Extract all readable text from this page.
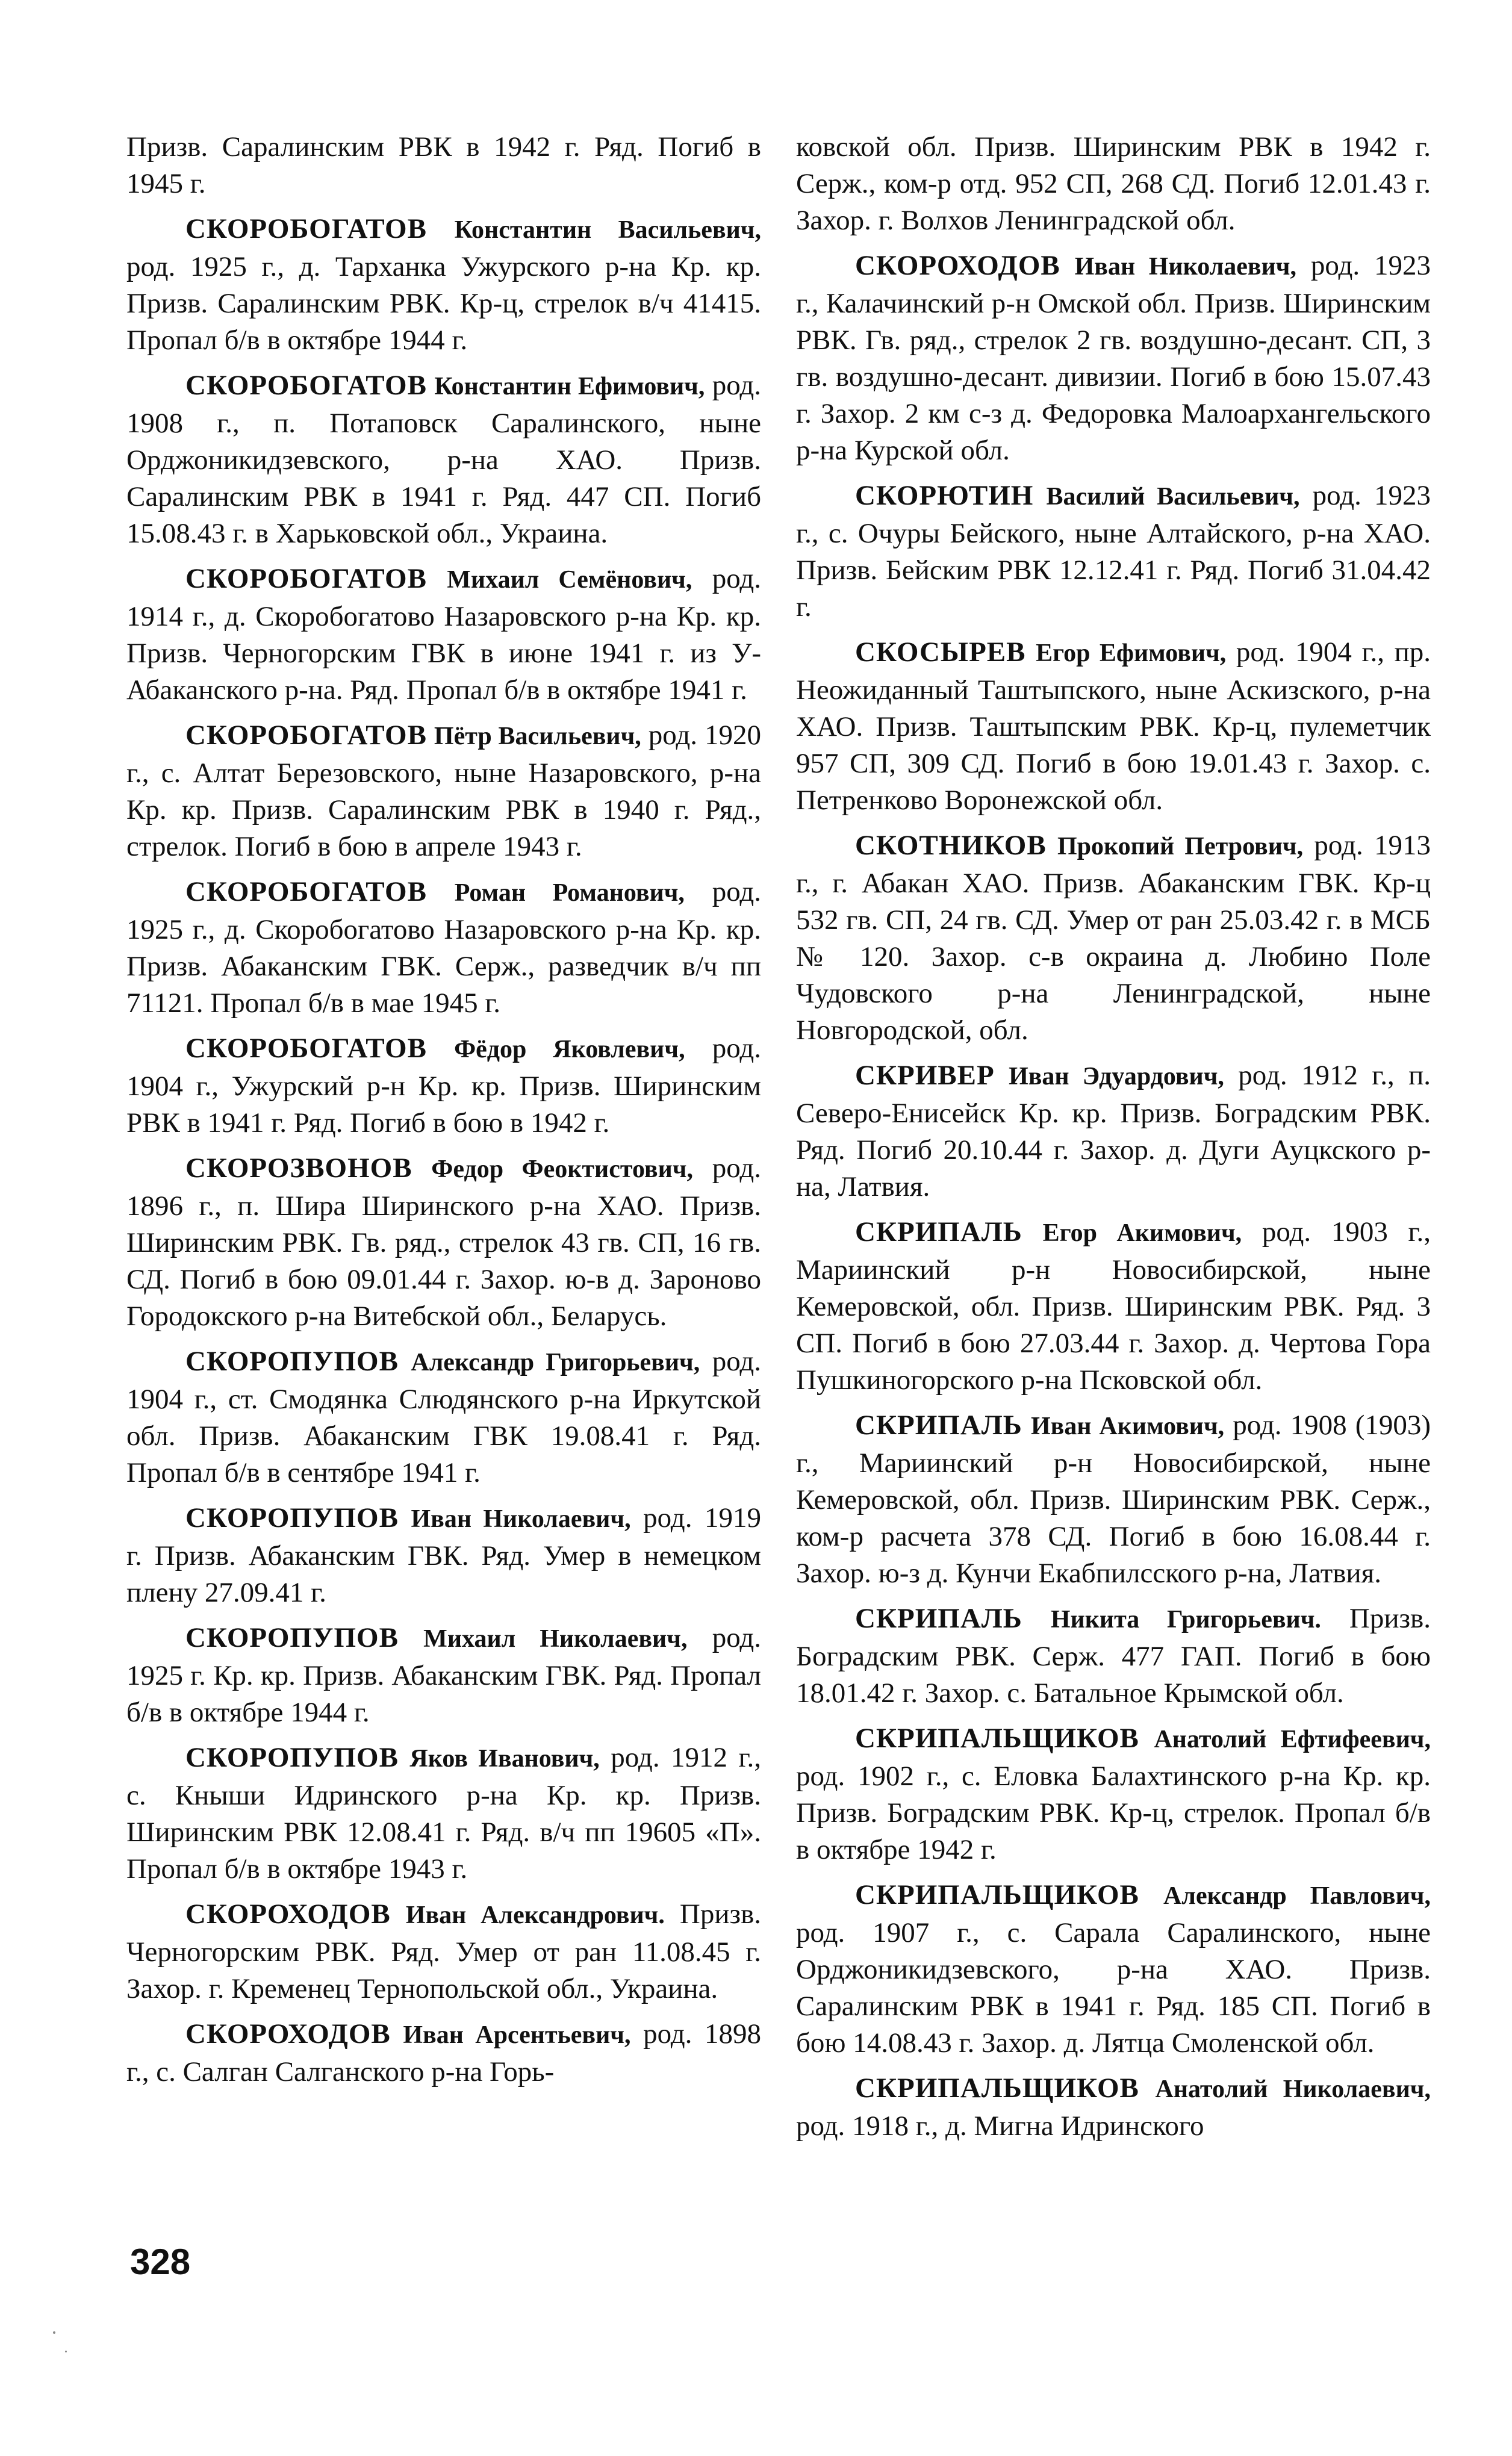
Призв. Саралинским РВК в 1942 г. Ряд. Погиб в 1945 г.

СКОРОБОГАТОВ Константин Васильевич, род. 1925 г., д. Тарханка Ужурского р-на Кр. кр. Призв. Саралинским РВК. Кр-ц, стрелок в/ч 41415. Пропал б/в в октябре 1944 г.

СКОРОБОГАТОВ Константин Ефимович, род. 1908 г., п. Потаповск Саралинского, ныне Орджоникидзевского, р-на ХАО. Призв. Саралинским РВК в 1941 г. Ряд. 447 СП. Погиб 15.08.43 г. в Харьковской обл., Украина.

СКОРОБОГАТОВ Михаил Семёнович, род. 1914 г., д. Скоробогатово Назаровского р-на Кр. кр. Призв. Черногорским ГВК в июне 1941 г. из У-Абаканского р-на. Ряд. Пропал б/в в октябре 1941 г.

СКОРОБОГАТОВ Пётр Васильевич, род. 1920 г., с. Алтат Березовского, ныне Назаровского, р-на Кр. кр. Призв. Саралинским РВК в 1940 г. Ряд., стрелок. Погиб в бою в апреле 1943 г.

СКОРОБОГАТОВ Роман Романович, род. 1925 г., д. Скоробогатово Назаровского р-на Кр. кр. Призв. Абаканским ГВК. Серж., разведчик в/ч пп 71121. Пропал б/в в мае 1945 г.

СКОРОБОГАТОВ Фёдор Яковлевич, род. 1904 г., Ужурский р-н Кр. кр. Призв. Ширинским РВК в 1941 г. Ряд. Погиб в бою в 1942 г.

СКОРОЗВОНОВ Федор Феоктистович, род. 1896 г., п. Шира Ширинского р-на ХАО. Призв. Ширинским РВК. Гв. ряд., стрелок 43 гв. СП, 16 гв. СД. Погиб в бою 09.01.44 г. Захор. ю-в д. Зароново Городокского р-на Витебской обл., Беларусь.

СКОРОПУПОВ Александр Григорьевич, род. 1904 г., ст. Смодянка Слюдянского р-на Иркутской обл. Призв. Абаканским ГВК 19.08.41 г. Ряд. Пропал б/в в сентябре 1941 г.

СКОРОПУПОВ Иван Николаевич, род. 1919 г. Призв. Абаканским ГВК. Ряд. Умер в немецком плену 27.09.41 г.

СКОРОПУПОВ Михаил Николаевич, род. 1925 г. Кр. кр. Призв. Абаканским ГВК. Ряд. Пропал б/в в октябре 1944 г.

СКОРОПУПОВ Яков Иванович, род. 1912 г., с. Кныши Идринского р-на Кр. кр. Призв. Ширинским РВК 12.08.41 г. Ряд. в/ч пп 19605 «П». Пропал б/в в октябре 1943 г.

СКОРОХОДОВ Иван Александрович. Призв. Черногорским РВК. Ряд. Умер от ран 11.08.45 г. Захор. г. Кременец Тернопольской обл., Украина.

СКОРОХОДОВ Иван Арсентьевич, род. 1898 г., с. Салган Салганского р-на Горь-

ковской обл. Призв. Ширинским РВК в 1942 г. Серж., ком-р отд. 952 СП, 268 СД. Погиб 12.01.43 г. Захор. г. Волхов Ленинградской обл.

СКОРОХОДОВ Иван Николаевич, род. 1923 г., Калачинский р-н Омской обл. Призв. Ширинским РВК. Гв. ряд., стрелок 2 гв. воздушно-десант. СП, 3 гв. воздушно-десант. дивизии. Погиб в бою 15.07.43 г. Захор. 2 км с-з д. Федоровка Малоархангельского р-на Курской обл.

СКОРЮТИН Василий Васильевич, род. 1923 г., с. Очуры Бейского, ныне Алтайского, р-на ХАО. Призв. Бейским РВК 12.12.41 г. Ряд. Погиб 31.04.42 г.

СКОСЫРЕВ Егор Ефимович, род. 1904 г., пр. Неожиданный Таштыпского, ныне Аскизского, р-на ХАО. Призв. Таштыпским РВК. Кр-ц, пулеметчик 957 СП, 309 СД. Погиб в бою 19.01.43 г. Захор. с. Петренково Воронежской обл.

СКОТНИКОВ Прокопий Петрович, род. 1913 г., г. Абакан ХАО. Призв. Абаканским ГВК. Кр-ц 532 гв. СП, 24 гв. СД. Умер от ран 25.03.42 г. в МСБ № 120. Захор. с-в окраина д. Любино Поле Чудовского р-на Ленинградской, ныне Новгородской, обл.

СКРИВЕР Иван Эдуардович, род. 1912 г., п. Северо-Енисейск Кр. кр. Призв. Боградским РВК. Ряд. Погиб 20.10.44 г. Захор. д. Дуги Ауцкского р-на, Латвия.

СКРИПАЛЬ Егор Акимович, род. 1903 г., Мариинский р-н Новосибирской, ныне Кемеровской, обл. Призв. Ширинским РВК. Ряд. 3 СП. Погиб в бою 27.03.44 г. Захор. д. Чертова Гора Пушкиногорского р-на Псковской обл.

СКРИПАЛЬ Иван Акимович, род. 1908 (1903) г., Мариинский р-н Новосибирской, ныне Кемеровской, обл. Призв. Ширинским РВК. Серж., ком-р расчета 378 СД. Погиб в бою 16.08.44 г. Захор. ю-з д. Кунчи Екабпилсского р-на, Латвия.

СКРИПАЛЬ Никита Григорьевич. Призв. Боградским РВК. Серж. 477 ГАП. Погиб в бою 18.01.42 г. Захор. с. Батальное Крымской обл.

СКРИПАЛЬЩИКОВ Анатолий Ефтифеевич, род. 1902 г., с. Еловка Балахтинского р-на Кр. кр. Призв. Боградским РВК. Кр-ц, стрелок. Пропал б/в в октябре 1942 г.

СКРИПАЛЬЩИКОВ Александр Павлович, род. 1907 г., с. Сарала Саралинского, ныне Орджоникидзевского, р-на ХАО. Призв. Саралинским РВК в 1941 г. Ряд. 185 СП. Погиб в бою 14.08.43 г. Захор. д. Лятца Смоленской обл.

СКРИПАЛЬЩИКОВ Анатолий Николаевич, род. 1918 г., д. Мигна Идринского

328
